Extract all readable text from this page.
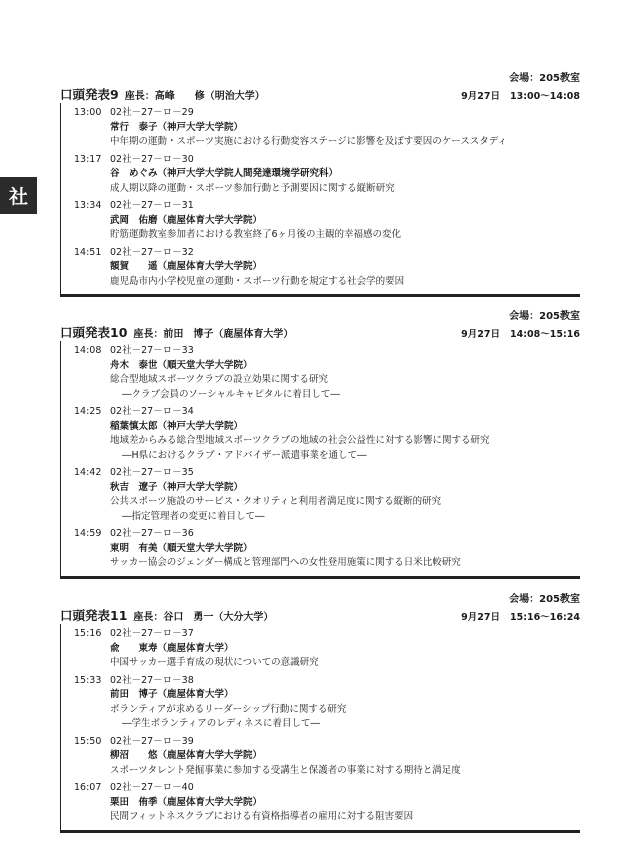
社
会場：205教室
口頭発表9 座長：高峰　　修（明治大学）	9月27日 13:00〜14:08
13:00 02社－27－ロ－29
常行　泰子（神戸大学大学院）
中年期の運動・スポーツ実施における行動変容ステージに影響を及ぼす要因のケーススタディ
13:17 02社－27－ロ－30
谷　めぐみ（神戸大学大学院人間発達環境学研究科）
成人期以降の運動・スポーツ参加行動と予測要因に関する縦断研究
13:34 02社－27－ロ－31
武岡　佑磨（鹿屋体育大学大学院）
貯筋運動教室参加者における教室終了6ヶ月後の主観的幸福感の変化
14:51 02社－27－ロ－32
額賀　　遥（鹿屋体育大学大学院）
鹿児島市内小学校児童の運動・スポーツ行動を規定する社会学的要因
会場：205教室
口頭発表10 座長：前田　博子（鹿屋体育大学）	9月27日 14:08〜15:16
14:08 02社－27－ロ－33
舟木　泰世（順天堂大学大学院）
総合型地域スポーツクラブの設立効果に関する研究
―クラブ会員のソーシャルキャピタルに着目して―
14:25 02社－27－ロ－34
稲葉慎太郎（神戸大学大学院）
地域差からみる総合型地域スポーツクラブの地域の社会公益性に対する影響に関する研究
―H県におけるクラブ・アドバイザー派遣事業を通して―
14:42 02社－27－ロ－35
秋吉　遼子（神戸大学大学院）
公共スポーツ施設のサービス・クオリティと利用者満足度に関する縦断的研究
―指定管理者の変更に着目して―
14:59 02社－27－ロ－36
東明　有美（順天堂大学大学院）
サッカー協会のジェンダー構成と管理部門への女性登用施策に関する日米比較研究
会場：205教室
口頭発表11 座長：谷口　勇一（大分大学）	9月27日 15:16〜16:24
15:16 02社－27－ロ－37
兪　　東寿（鹿屋体育大学）
中国サッカー選手育成の現状についての意識研究
15:33 02社－27－ロ－38
前田　博子（鹿屋体育大学）
ボランティアが求めるリーダーシップ行動に関する研究
―学生ボランティアのレディネスに着目して―
15:50 02社－27－ロ－39
柳沼　　悠（鹿屋体育大学大学院）
スポーツタレント発掘事業に参加する受講生と保護者の事業に対する期待と満足度
16:07 02社－27－ロ－40
栗田　侑季（鹿屋体育大学大学院）
民間フィットネスクラブにおける有資格指導者の雇用に対する阻害要因
